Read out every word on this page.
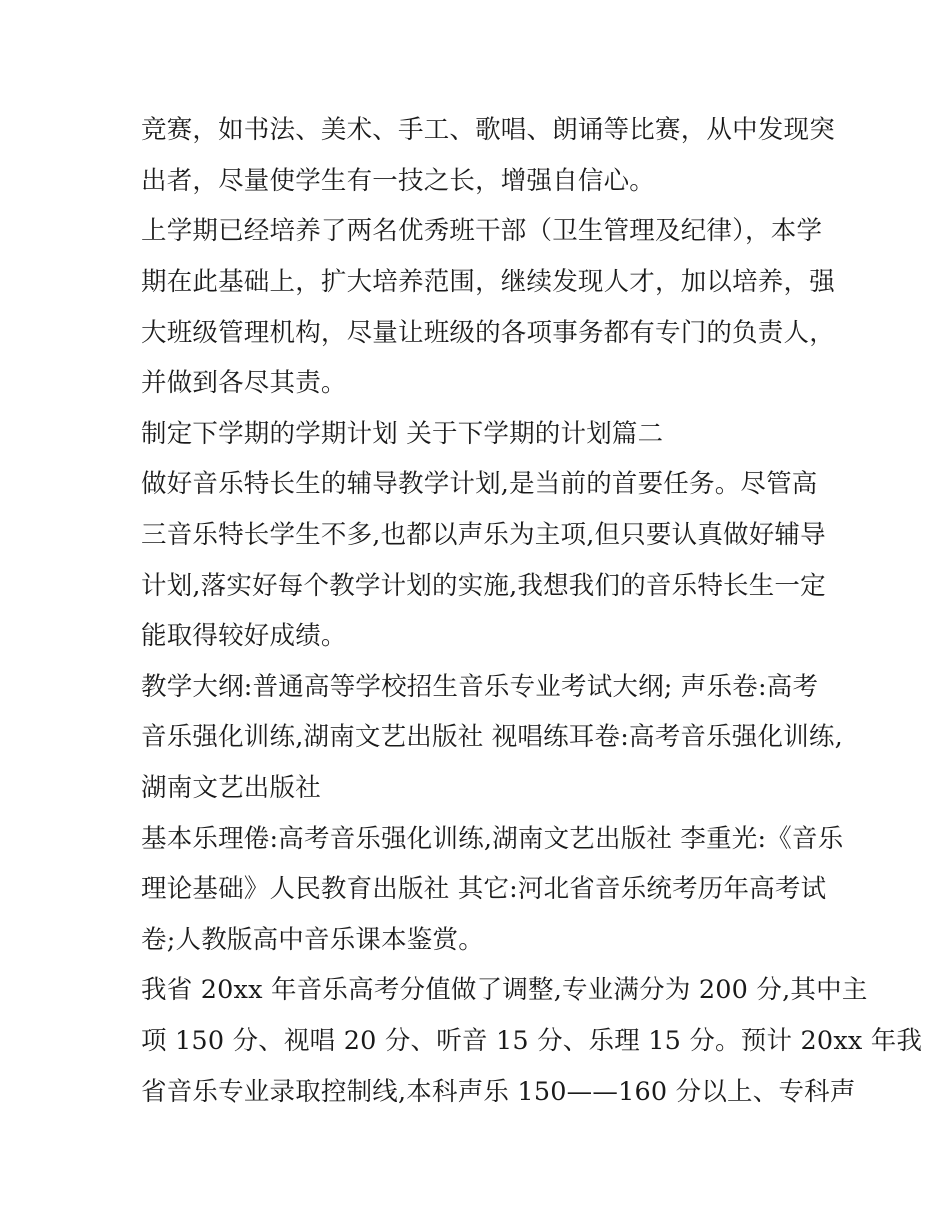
竞赛，如书法、美术、手工、歌唱、朗诵等比赛，从中发现突
出者，尽量使学生有一技之长，增强自信心。
上学期已经培养了两名优秀班干部（卫生管理及纪律），本学
期在此基础上，扩大培养范围，继续发现人才，加以培养，强
大班级管理机构，尽量让班级的各项事务都有专门的负责人，
并做到各尽其责。
制定下学期的学期计划 关于下学期的计划篇二
做好音乐特长生的辅导教学计划,是当前的首要任务。尽管高
三音乐特长学生不多,也都以声乐为主项,但只要认真做好辅导
计划,落实好每个教学计划的实施,我想我们的音乐特长生一定
能取得较好成绩。
教学大纲:普通高等学校招生音乐专业考试大纲; 声乐卷:高考
音乐强化训练,湖南文艺出版社 视唱练耳卷:高考音乐强化训练,
湖南文艺出版社
基本乐理倦:高考音乐强化训练,湖南文艺出版社 李重光:《音乐
理论基础》人民教育出版社 其它:河北省音乐统考历年高考试
卷;人教版高中音乐课本鉴赏。
我省 20xx 年音乐高考分值做了调整,专业满分为 200 分,其中主
项 150 分、视唱 20 分、听音 15 分、乐理 15 分。预计 20xx 年我
省音乐专业录取控制线,本科声乐 150——160 分以上、专科声
